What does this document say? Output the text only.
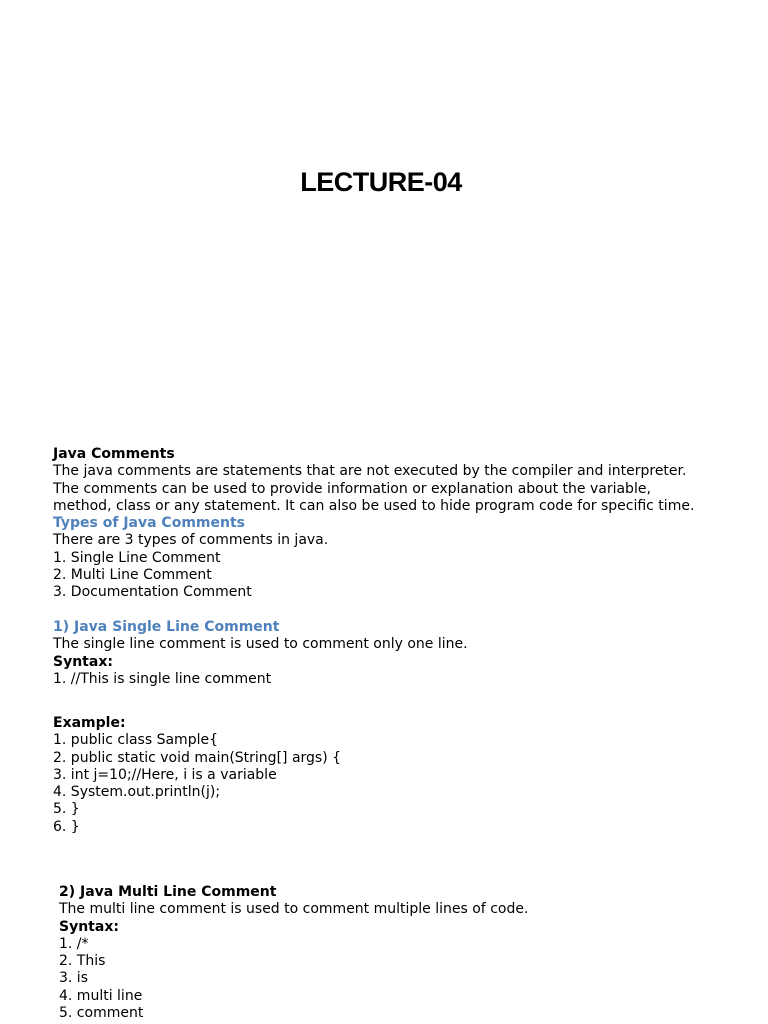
LECTURE-04
Java Comments
The java comments are statements that are not executed by the compiler and interpreter.
The comments can be used to provide information or explanation about the variable,
method, class or any statement. It can also be used to hide program code for specific time.
Types of Java Comments
There are 3 types of comments in java.
1. Single Line Comment
2. Multi Line Comment
3. Documentation Comment
1) Java Single Line Comment
The single line comment is used to comment only one line.
Syntax:
1. //This is single line comment
Example:
1. public class Sample{
2. public static void main(String[] args) {
3. int j=10;//Here, i is a variable
4. System.out.println(j);
5. }
6. }
2) Java Multi Line Comment
The multi line comment is used to comment multiple lines of code.
Syntax:
1. /*
2. This
3. is
4. multi line
5. comment
